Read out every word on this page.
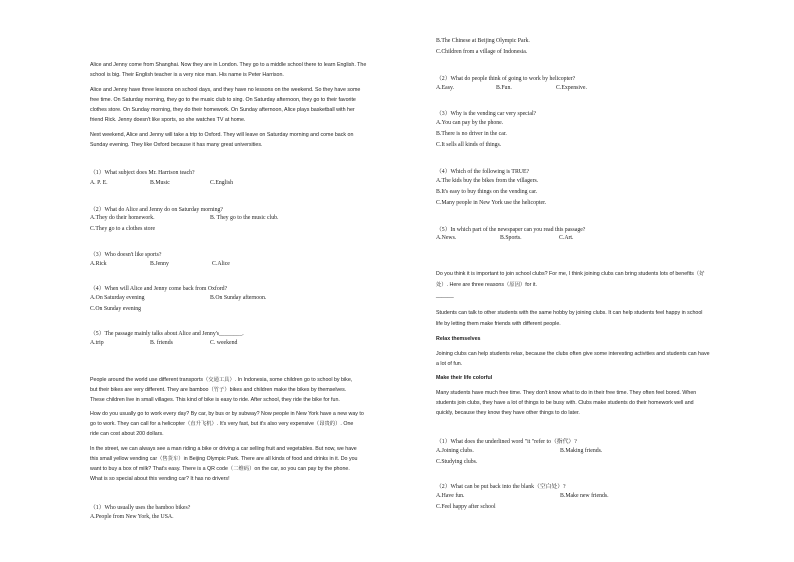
Alice and Jenny come from Shanghai. Now they are in London. They go to a middle school there to learn English. The
school is big. Their English teacher is a very nice man. His name is Peter Harrison.
Alice and Jenny have three lessons on school days, and they have no lessons on the weekend. So they have some
free time. On Saturday morning, they go to the music club to sing. On Saturday afternoon, they go to their favorite
clothes store. On Sunday morning, they do their homework. On Sunday afternoon, Alice plays basketball with her
friend Rick. Jenny doesn't like sports, so she watches TV at home.
Next weekend, Alice and Jenny will take a trip to Oxford. They will leave on Saturday morning and come back on
Sunday evening. They like Oxford because it has many great universities.
（1）What subject does Mr. Harrison teach?
A. P. E.	B.Music	C.English
（2）What do Alice and Jenny do on Saturday morning?
A.They do their homework.	B. They go to the music club.
C.They go to a clothes store
（3）Who doesn't like sports?
A.Rick	B.Jenny	C.Alice
（4）When will Alice and Jenny come back from Oxford?
A.On Saturday evening	B.On Sunday afternoon.
C.On Sunday evening
（5）The passage mainly talks about Alice and Jenny's________.
A.trip	B. friends	C. weekend
People around the world use different transports（交通工具）. In Indonesia, some children go to school by bike,
but their bikes are very different. They are bamboo（竹子）bikes and children make the bikes by themselves.
These children live in small villages. This kind of bike is easy to ride. After school, they ride the bike for fun.
How do you usually go to work every day? By car, by bus or by subway? Now people in New York have a new way to
go to work. They can call for a helicopter（直升飞机）. It's very fast, but it's also very expensive（昂贵的）. One
ride can cost about 200 dollars.
In the street, we can always see a man riding a bike or driving a car selling fruit and vegetables. But now, we have
this small yellow vending car（售货车）in Beijing Olympic Park. There are all kinds of food and drinks in it. Do you
want to buy a box of milk? That's easy. There is a QR code（二维码）on the car, so you can pay by the phone.
What is so special about this vending car? It has no drivers!
（1）Who usually uses the bamboo bikes?
A.People from New York, the USA.
B.The Chinese at Beijing Olympic Park.
C.Children from a village of Indonesia.
（2）What do people think of going to work by helicopter?
A.Easy.	B.Fun.	C.Expensive.
（3）Why is the vending car very special?
A.You can pay by the phone.
B.There is no driver in the car.
C.It sells all kinds of things.
（4）Which of the following is TRUE?
A.The kids buy the bikes from the villagers.
B.It's easy to buy things on the vending car.
C.Many people in New York use the helicopter.
（5）In which part of the newspaper can you read this passage?
A.News.	B.Sports.	C.Art.
Do you think it is important to join school clubs? For me, I think joining clubs can bring students lots of benefits（好
处）. Here are three reasons（原因）for it.
______
Students can talk to other students with the same hobby by joining clubs. It can help students feel happy in school
life by letting them make friends with different people.
Relax themselves
Joining clubs can help students relax, because the clubs often give some interesting activities and students can have
a lot of fun.
Make their life colorful
Many students have much free time. They don't know what to do in their free time. They often feel bored. When
students join clubs, they have a lot of things to be busy with. Clubs make students do their homework well and
quickly, because they know they have other things to do later.
（1）What does the underlined word "it "refer to（指代）?
A.Joining clubs.	B.Making friends.
C.Studying clubs.
（2）What can be put back into the blank（空白处）?
A.Have fun.	B.Make new friends.
C.Feel happy after school
